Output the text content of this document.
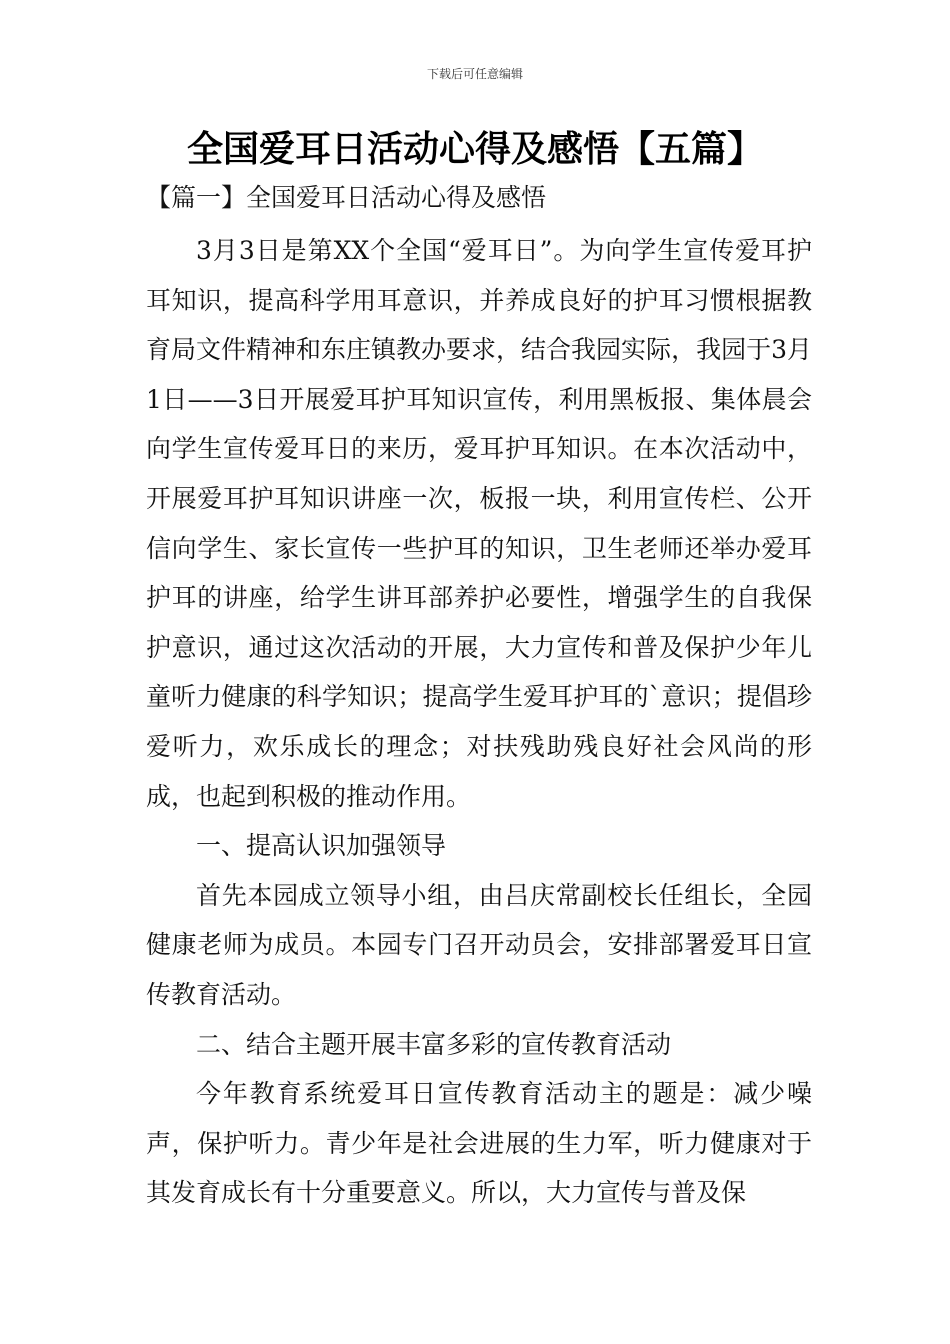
下载后可任意编辑
全国爱耳日活动心得及感悟【五篇】
【篇一】全国爱耳日活动心得及感悟

3月3日是第XX个全国“爱耳日”。为向学生宣传爱耳护耳知识，提高科学用耳意识，并养成良好的护耳习惯根据教育局文件精神和东庄镇教办要求，结合我园实际，我园于3月1日——3日开展爱耳护耳知识宣传，利用黑板报、集体晨会向学生宣传爱耳日的来历，爱耳护耳知识。在本次活动中，开展爱耳护耳知识讲座一次，板报一块，利用宣传栏、公开信向学生、家长宣传一些护耳的知识，卫生老师还举办爱耳护耳的讲座，给学生讲耳部养护必要性，增强学生的自我保护意识，通过这次活动的开展，大力宣传和普及保护少年儿童听力健康的科学知识；提高学生爱耳护耳的`意识；提倡珍爱听力，欢乐成长的理念；对扶残助残良好社会风尚的形成，也起到积极的推动作用。

一、提高认识加强领导

首先本园成立领导小组，由吕庆常副校长任组长，全园健康老师为成员。本园专门召开动员会，安排部署爱耳日宣传教育活动。

二、结合主题开展丰富多彩的宣传教育活动

今年教育系统爱耳日宣传教育活动主的题是：减少噪声，保护听力。青少年是社会进展的生力军，听力健康对于其发育成长有十分重要意义。所以，大力宣传与普及保
